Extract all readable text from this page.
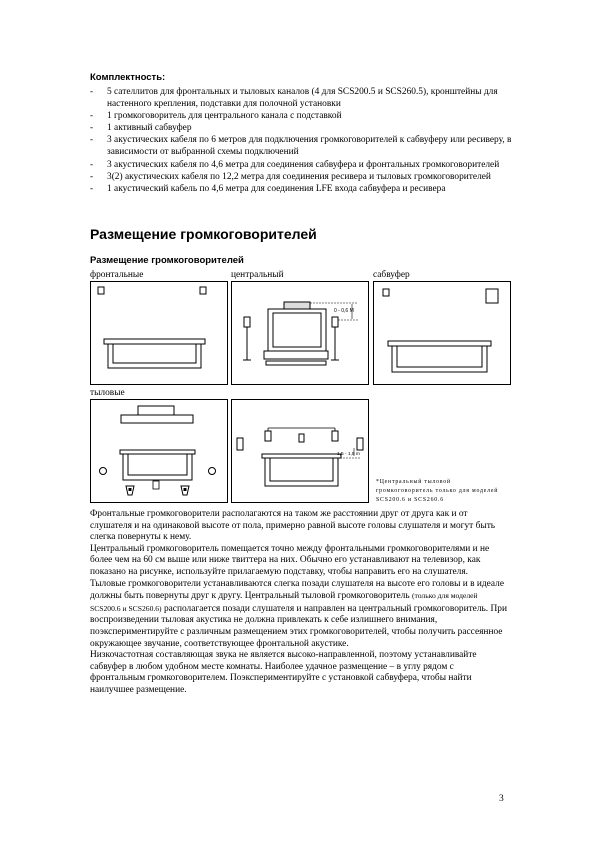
Комплектность:
- 5 сателлитов для фронтальных и тыловых каналов (4 для SCS200.5 и SCS260.5), кронштейны для настенного крепления, подставки для полочной установки
- 1 громкоговоритель для центрального канала с подставкой
- 1 активный сабвуфер
- 3 акустических кабеля по 6 метров для подключения громкоговорителей к сабвуферу или ресиверу, в зависимости от выбранной схемы подключений
- 3 акустических кабеля по 4,6 метра для соединения сабвуфера и фронтальных громкоговорителей
- 3(2) акустических кабеля по 12,2 метра для соединения ресивера и тыловых громкоговорителей
- 1 акустический кабель по 4,6 метра для соединения LFE входа сабвуфера и ресивера
Размещение громкоговорителей
Размещение громкоговорителей
фронтальные	центральный	сабвуфер
тыловые
0 - 0,6 M
1,5 - 1,8 m
*Центральный тыловой громкоговоритель только для моделей SCS200.6 и SCS260.6

Фронтальные громкоговорители располагаются на таком же расстоянии друг от друга как и от слушателя и на одинаковой высоте от пола, примерно равной высоте головы слушателя и могут быть слегка повернуты к нему.

Центральный громкоговоритель помещается точно между фронтальными громкоговорителями и не более чем на 60 см выше или ниже твиттера на них. Обычно его устанавливают на телевизор, как показано на рисунке, используйте прилагаемую подставку, чтобы направить его на слушателя.

Тыловые громкоговорители устанавливаются слегка позади слушателя на высоте его головы и в идеале должны быть повернуты друг к другу. Центральный тыловой громкоговоритель (только для моделей SCS200.6 и SCS260.6) располагается позади слушателя и направлен на центральный громкоговоритель. При воспроизведении тыловая акустика не должна привлекать к себе излишнего внимания, поэкспериментируйте с различным размещением этих громкоговорителей, чтобы получить рассеянное окружающее звучание, соответствующее фронтальной акустике.

Низкочастотная составляющая звука не является высоко-направленной, поэтому устанавливайте сабвуфер в любом удобном месте комнаты. Наиболее удачное размещение – в углу рядом с фронтальным громкоговорителем. Поэкспериментируйте с установкой сабвуфера, чтобы найти наилучшее размещение.

3
